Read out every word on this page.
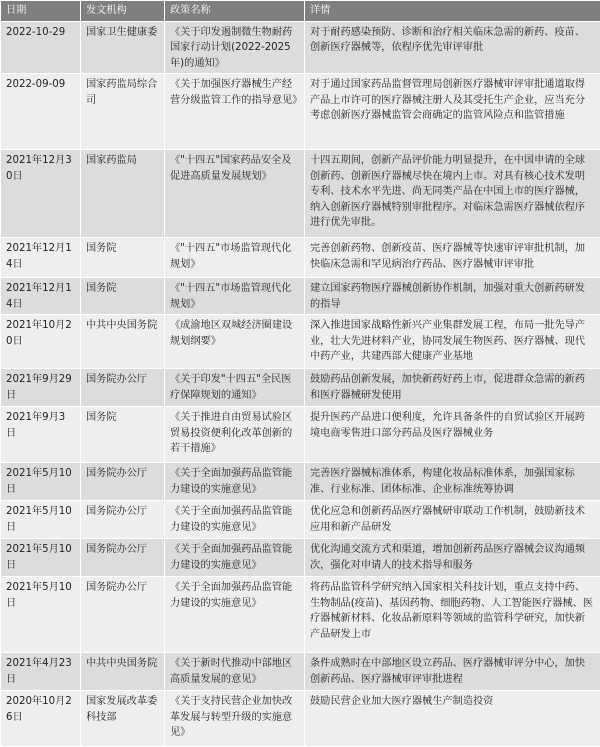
日期	发文机构	政策名称	详情
2022-10-29	国家卫生健康委	《关于印发遏制微生物耐药国家行动计划(2022-2025年)的通知》	对于耐药感染预防、诊断和治疗相关临床急需的新药、疫苗、创新医疗器械等，依程序优先审评审批
2022-09-09	国家药监局综合司	《关于加强医疗器械生产经营分级监管工作的指导意见》	对于通过国家药品监督管理局创新医疗器械审评审批通道取得产品上市许可的医疗器械注册人及其受托生产企业，应当充分考虑创新医疗器械监管会商确定的监管风险点和监管措施
2021年12月30日	国家药监局	《"十四五"国家药品安全及促进高质量发展规划》	十四五期间，创新产品评价能力明显提升，在中国申请的全球创新药、创新医疗器械尽快在境内上市。对具有核心技术发明专利、技术水平先进、尚无同类产品在中国上市的医疗器械，纳入创新医疗器械特别审批程序。对临床急需医疗器械依程序进行优先审批。
2021年12月14日	国务院	《"十四五"市场监管现代化规划》	完善创新药物、创新疫苗、医疗器械等快速审评审批机制，加快临床急需和罕见病治疗药品、医疗器械审评审批
2021年12月14日	国务院	《"十四五"市场监管现代化规划》	建立国家药物医疗器械创新协作机制，加强对重大创新药研发的指导
2021年10月20日	中共中央国务院	《成渝地区双城经济圈建设规划纲要》	深入推进国家战略性新兴产业集群发展工程，布局一批先导产业，壮大先进材料产业，协同发展生物医药、医疗器械、现代中药产业，共建西部大健康产业基地
2021年9月29日	国务院办公厅	《关于印发"十四五"全民医疗保障规划的通知》	鼓励药品创新发展，加快新药好药上市，促进群众急需的新药和医疗器械研发使用
2021年9月3日	国务院	《关于推进自由贸易试验区贸易投资便利化改革创新的若干措施》	提升医药产品进口便利度，允许具备条件的自贸试验区开展跨境电商零售进口部分药品及医疗器械业务
2021年5月10日	国务院办公厅	《关于全面加强药品监管能力建设的实施意见》	完善医疗器械标准体系，构建化妆品标准体系，加强国家标准、行业标准、团体标准、企业标准统筹协调
2021年5月10日	国务院办公厅	《关于全面加强药品监管能力建设的实施意见》	优化应急和创新药品医疗器械研审联动工作机制，鼓励新技术应用和新产品研发
2021年5月10日	国务院办公厅	《关于全面加强药品监管能力建设的实施意见》	优化沟通交流方式和渠道，增加创新药品医疗器械会议沟通频次，强化对申请人的技术指导和服务
2021年5月10日	国务院办公厅	《关于全面加强药品监管能力建设的实施意见》	将药品监管科学研究纳入国家相关科技计划，重点支持中药、生物制品(疫苗)、基因药物、细胞药物、人工智能医疗器械、医疗器械新材料、化妆品新原料等领域的监管科学研究，加快新产品研发上市
2021年4月23日	中共中央国务院	《关于新时代推动中部地区高质量发展的意见》	条件成熟时在中部地区设立药品、医疗器械审评分中心，加快创新药品、医疗器械审评审批进程
2020年10月26日	国家发展改革委科技部	《关于支持民营企业加快改革发展与转型升级的实施意见》	鼓励民营企业加大医疗器械生产制造投资
